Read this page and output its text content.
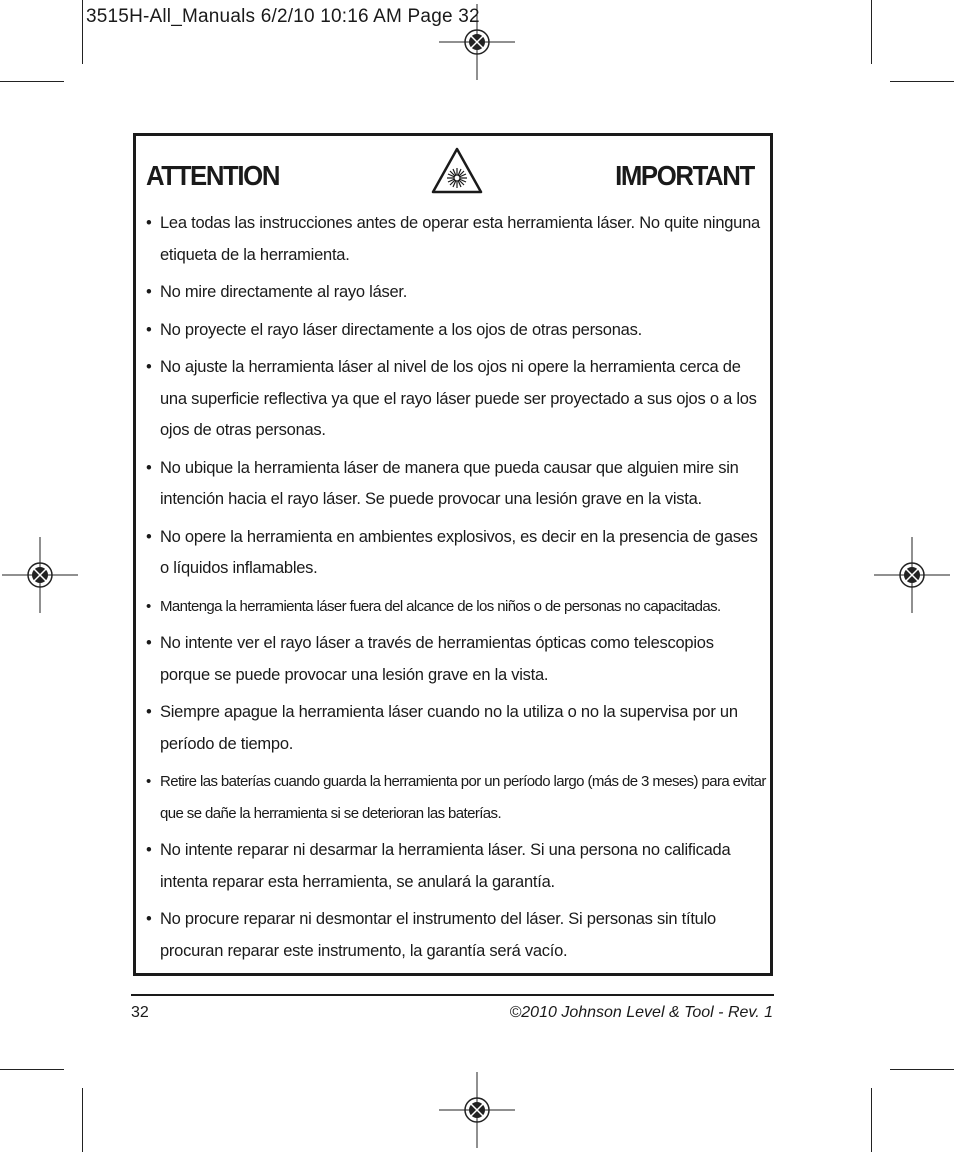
3515H-All_Manuals 6/2/10 10:16 AM Page 32
ATTENTION	IMPORTANT
• Lea todas las instrucciones antes de operar esta herramienta láser. No quite ninguna etiqueta de la herramienta.
• No mire directamente al rayo láser.
• No proyecte el rayo láser directamente a los ojos de otras personas.
• No ajuste la herramienta láser al nivel de los ojos ni opere la herramienta cerca de una superficie reflectiva ya que el rayo láser puede ser proyectado a sus ojos o a los ojos de otras personas.
• No ubique la herramienta láser de manera que pueda causar que alguien mire sin intención hacia el rayo láser. Se puede provocar una lesión grave en la vista.
• No opere la herramienta en ambientes explosivos, es decir en la presencia de gases o líquidos inflamables.
• Mantenga la herramienta láser fuera del alcance de los niños o de personas no capacitadas.
• No intente ver el rayo láser a través de herramientas ópticas como telescopios porque se puede provocar una lesión grave en la vista.
• Siempre apague la herramienta láser cuando no la utiliza o no la supervisa por un período de tiempo.
• Retire las baterías cuando guarda la herramienta por un período largo (más de 3 meses) para evitar que se dañe la herramienta si se deterioran las baterías.
• No intente reparar ni desarmar la herramienta láser. Si una persona no calificada intenta reparar esta herramienta, se anulará la garantía.
• No procure reparar ni desmontar el instrumento del láser. Si personas sin título procuran reparar este instrumento, la garantía será vacío.
32	©2010 Johnson Level & Tool - Rev. 1
